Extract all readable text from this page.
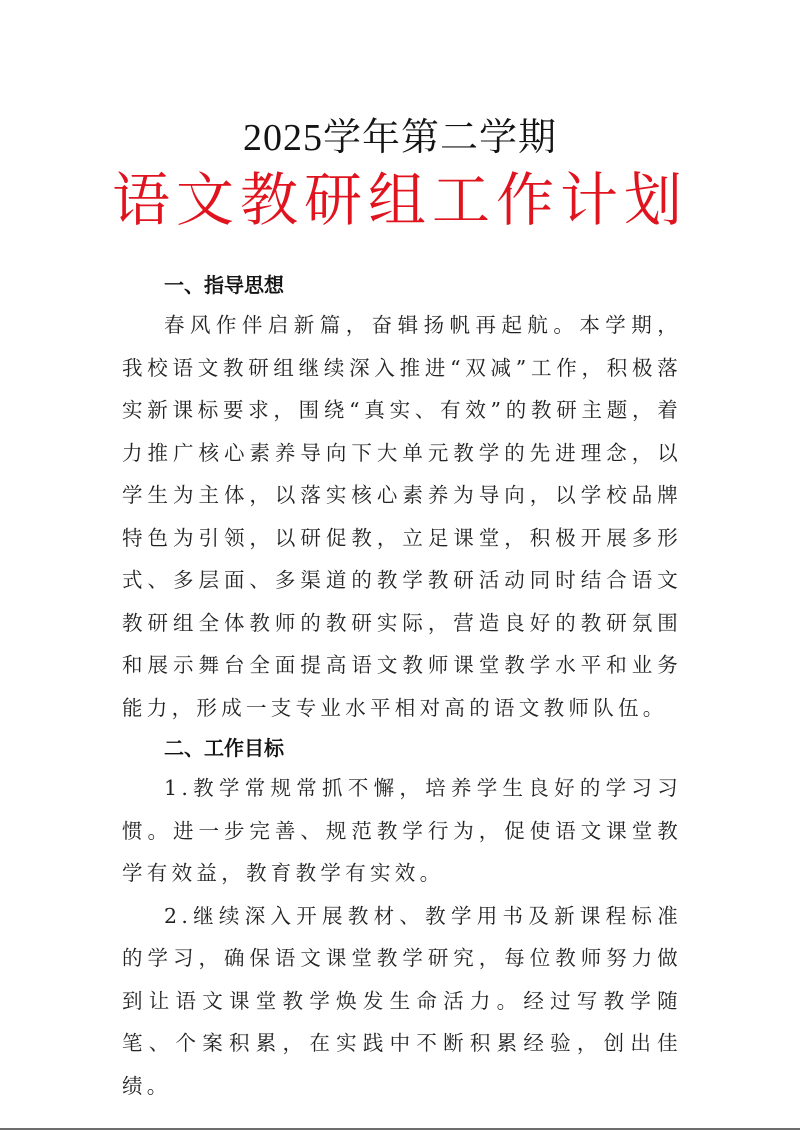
2025学年第二学期
语文教研组工作计划
一、指导思想

春风作伴启新篇，奋辑扬帆再起航。本学期，我校语文教研组继续深入推进“双减”工作，积极落实新课标要求，围绕“真实、有效”的教研主题，着力推广核心素养导向下大单元教学的先进理念，以学生为主体，以落实核心素养为导向，以学校品牌特色为引领，以研促教，立足课堂，积极开展多形式、多层面、多渠道的教学教研活动同时结合语文教研组全体教师的教研实际，营造良好的教研氛围和展示舞台全面提高语文教师课堂教学水平和业务能力，形成一支专业水平相对高的语文教师队伍。

二、工作目标

1.教学常规常抓不懈，培养学生良好的学习习惯。进一步完善、规范教学行为，促使语文课堂教学有效益，教育教学有实效。

2.继续深入开展教材、教学用书及新课程标准的学习，确保语文课堂教学研究，每位教师努力做到让语文课堂教学焕发生命活力。经过写教学随笔、个案积累，在实践中不断积累经验，创出佳绩。
